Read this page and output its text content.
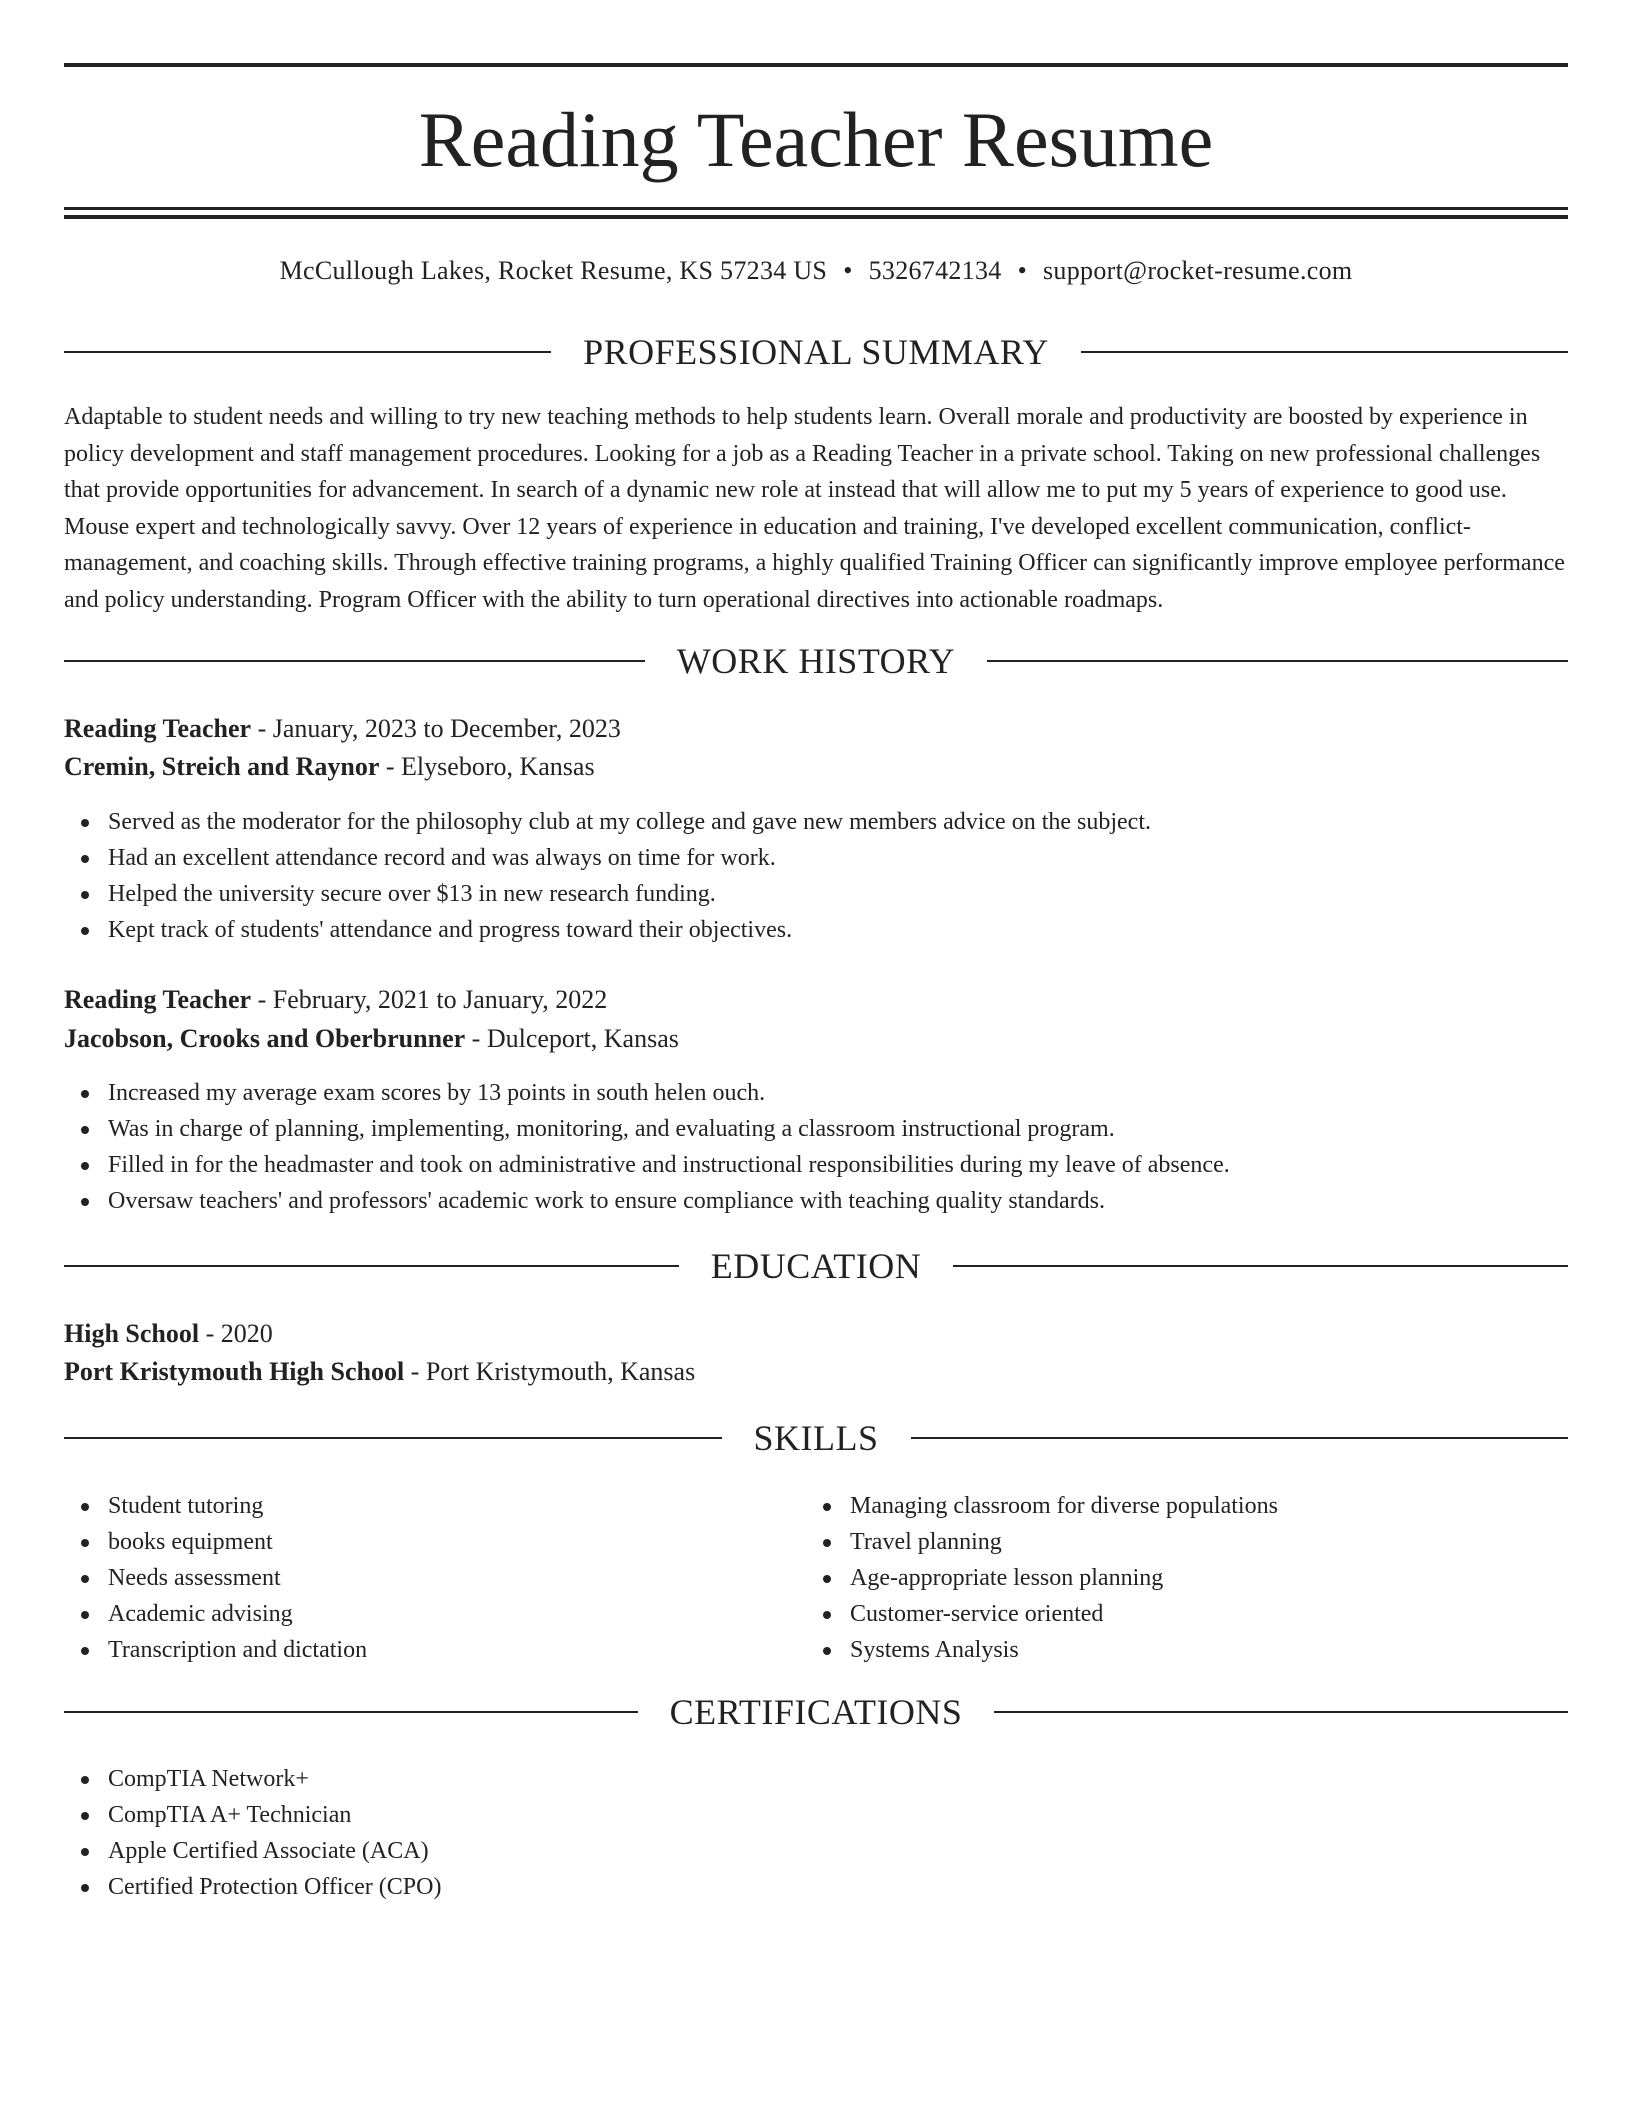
Reading Teacher Resume
McCullough Lakes, Rocket Resume, KS 57234 US • 5326742134 • support@rocket-resume.com
PROFESSIONAL SUMMARY

Adaptable to student needs and willing to try new teaching methods to help students learn. Overall morale and productivity are boosted by experience in policy development and staff management procedures. Looking for a job as a Reading Teacher in a private school. Taking on new professional challenges that provide opportunities for advancement. In search of a dynamic new role at instead that will allow me to put my 5 years of experience to good use. Mouse expert and technologically savvy. Over 12 years of experience in education and training, I've developed excellent communication, conflict-management, and coaching skills. Through effective training programs, a highly qualified Training Officer can significantly improve employee performance and policy understanding. Program Officer with the ability to turn operational directives into actionable roadmaps.

WORK HISTORY
Reading Teacher - January, 2023 to December, 2023
Cremin, Streich and Raynor - Elyseboro, Kansas
Served as the moderator for the philosophy club at my college and gave new members advice on the subject.
Had an excellent attendance record and was always on time for work.
Helped the university secure over $13 in new research funding.
Kept track of students' attendance and progress toward their objectives.
Reading Teacher - February, 2021 to January, 2022
Jacobson, Crooks and Oberbrunner - Dulceport, Kansas
Increased my average exam scores by 13 points in south helen ouch.
Was in charge of planning, implementing, monitoring, and evaluating a classroom instructional program.
Filled in for the headmaster and took on administrative and instructional responsibilities during my leave of absence.
Oversaw teachers' and professors' academic work to ensure compliance with teaching quality standards.
EDUCATION
High School - 2020
Port Kristymouth High School - Port Kristymouth, Kansas
SKILLS
Student tutoring
books equipment
Needs assessment
Academic advising
Transcription and dictation
Managing classroom for diverse populations
Travel planning
Age-appropriate lesson planning
Customer-service oriented
Systems Analysis
CERTIFICATIONS
CompTIA Network+
CompTIA A+ Technician
Apple Certified Associate (ACA)
Certified Protection Officer (CPO)
